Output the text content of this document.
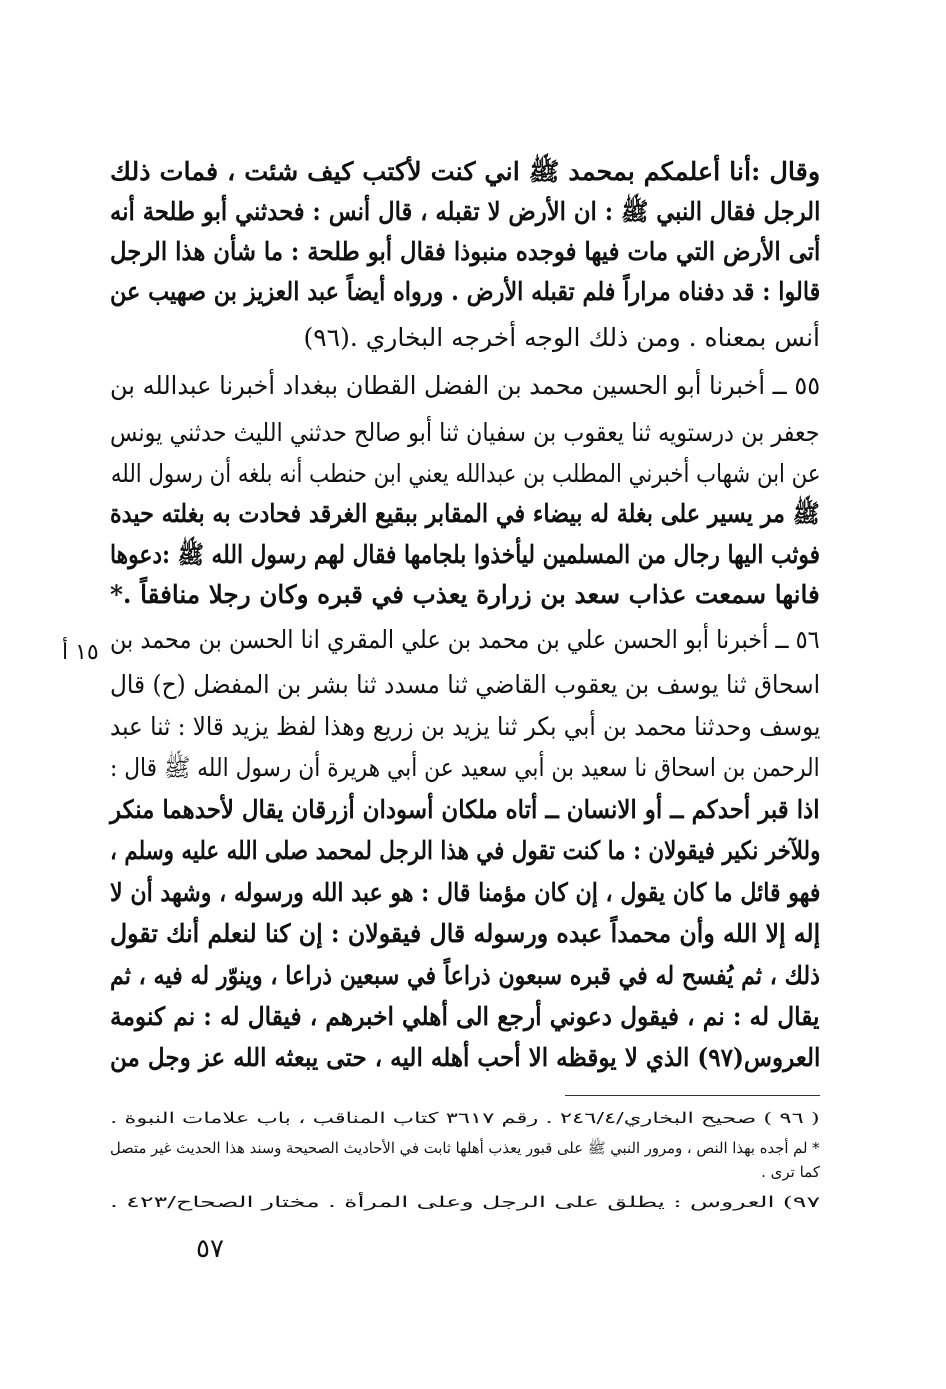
وقال :أنا أعلمكم بمحمد ﷺ اني كنت لأكتب كيف شئت ، فمات ذلك
الرجل فقال النبي ﷺ : ان الأرض لا تقبله ، قال أنس : فحدثني أبو طلحة أنه
أتى الأرض التي مات فيها فوجده منبوذا فقال أبو طلحة : ما شأن هذا الرجل
قالوا : قد دفناه مراراً فلم تقبله الأرض . ورواه أيضاً عبد العزيز بن صهيب عن
أنس بمعناه . ومن ذلك الوجه أخرجه البخاري .(٩٦)
٥٥ ــ أخبرنا أبو الحسين محمد بن الفضل القطان ببغداد أخبرنا عبدالله بن
جعفر بن درستويه ثنا يعقوب بن سفيان ثنا أبو صالح حدثني الليث حدثني يونس
عن ابن شهاب أخبرني المطلب بن عبدالله يعني ابن حنطب أنه بلغه أن رسول الله
ﷺ مر يسير على بغلة له بيضاء في المقابر ببقيع الغرقد فحادت به بغلته حيدة
فوثب اليها رجال من المسلمين ليأخذوا بلجامها فقال لهم رسول الله ﷺ :دعوها
فانها سمعت عذاب سعد بن زرارة يعذب في قبره وكان رجلا منافقاً .*
٥٦ ــ أخبرنا أبو الحسن علي بن محمد بن علي المقري انا الحسن بن محمد بن
اسحاق ثنا يوسف بن يعقوب القاضي ثنا مسدد ثنا بشر بن المفضل (ح) قال
يوسف وحدثنا محمد بن أبي بكر ثنا يزيد بن زريع وهذا لفظ يزيد قالا : ثنا عبد
الرحمن بن اسحاق نا سعيد بن أبي سعيد عن أبي هريرة أن رسول الله ﷺ قال :
اذا قبر أحدكم ــ أو الانسان ــ أتاه ملكان أسودان أزرقان يقال لأحدهما منكر
وللآخر نكير فيقولان : ما كنت تقول في هذا الرجل لمحمد صلى الله عليه وسلم ،
فهو قائل ما كان يقول ، إن كان مؤمنا قال : هو عبد الله ورسوله ، وشهد أن لا
إله إلا الله وأن محمداً عبده ورسوله قال فيقولان : إن كنا لنعلم أنك تقول
ذلك ، ثم يُفسح له في قبره سبعون ذراعاً في سبعين ذراعا ، وينوّر له فيه ، ثم
يقال له : نم ، فيقول دعوني أرجع الى أهلي اخبرهم ، فيقال له : نم كنومة
العروس(٩٧) الذي لا يوقظه الا أحب أهله اليه ، حتى يبعثه الله عز وجل من
١٥ أ
( ٩٦ ) صحيح البخاري/٢٤٦/٤ . رقم ٣٦١٧ كتاب المناقب ، باب علامات النبوة .
* لم أجده بهذا النص ، ومرور النبي ﷺ على قبور يعذب أهلها ثابت في الأحاديث الصحيحة وسند هذا الحديث غير متصل
كما ترى .
٩٧) العروس : يطلق على الرجل وعلى المرأة . مختار الصحاح/٤٢٣ .
٥٧
